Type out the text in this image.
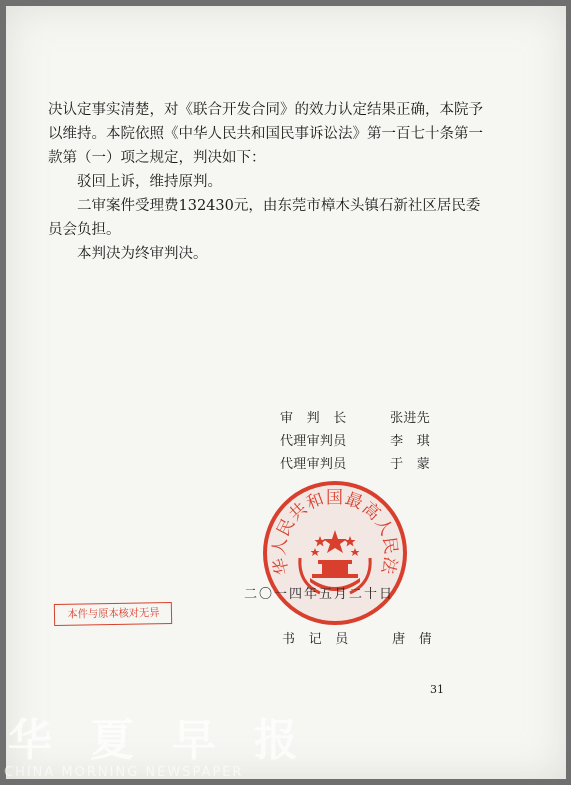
决认定事实清楚，对《联合开发合同》的效力认定结果正确，本院予以维持。本院依照《中华人民共和国民事诉讼法》第一百七十条第一款第（一）项之规定，判决如下：

驳回上诉，维持原判。

二审案件受理费132430元，由东莞市樟木头镇石新社区居民委员会负担。

本判决为终审判决。

审　判　长	张进先
代理审判员	李　琪
代理审判员	于　蒙
华人民共和国最高人民法
二〇一四年五月二十日
本件与原本核对无异
书　记　员	唐　倩
31
华夏早报
CHINA MORNING NEWSPAPER
